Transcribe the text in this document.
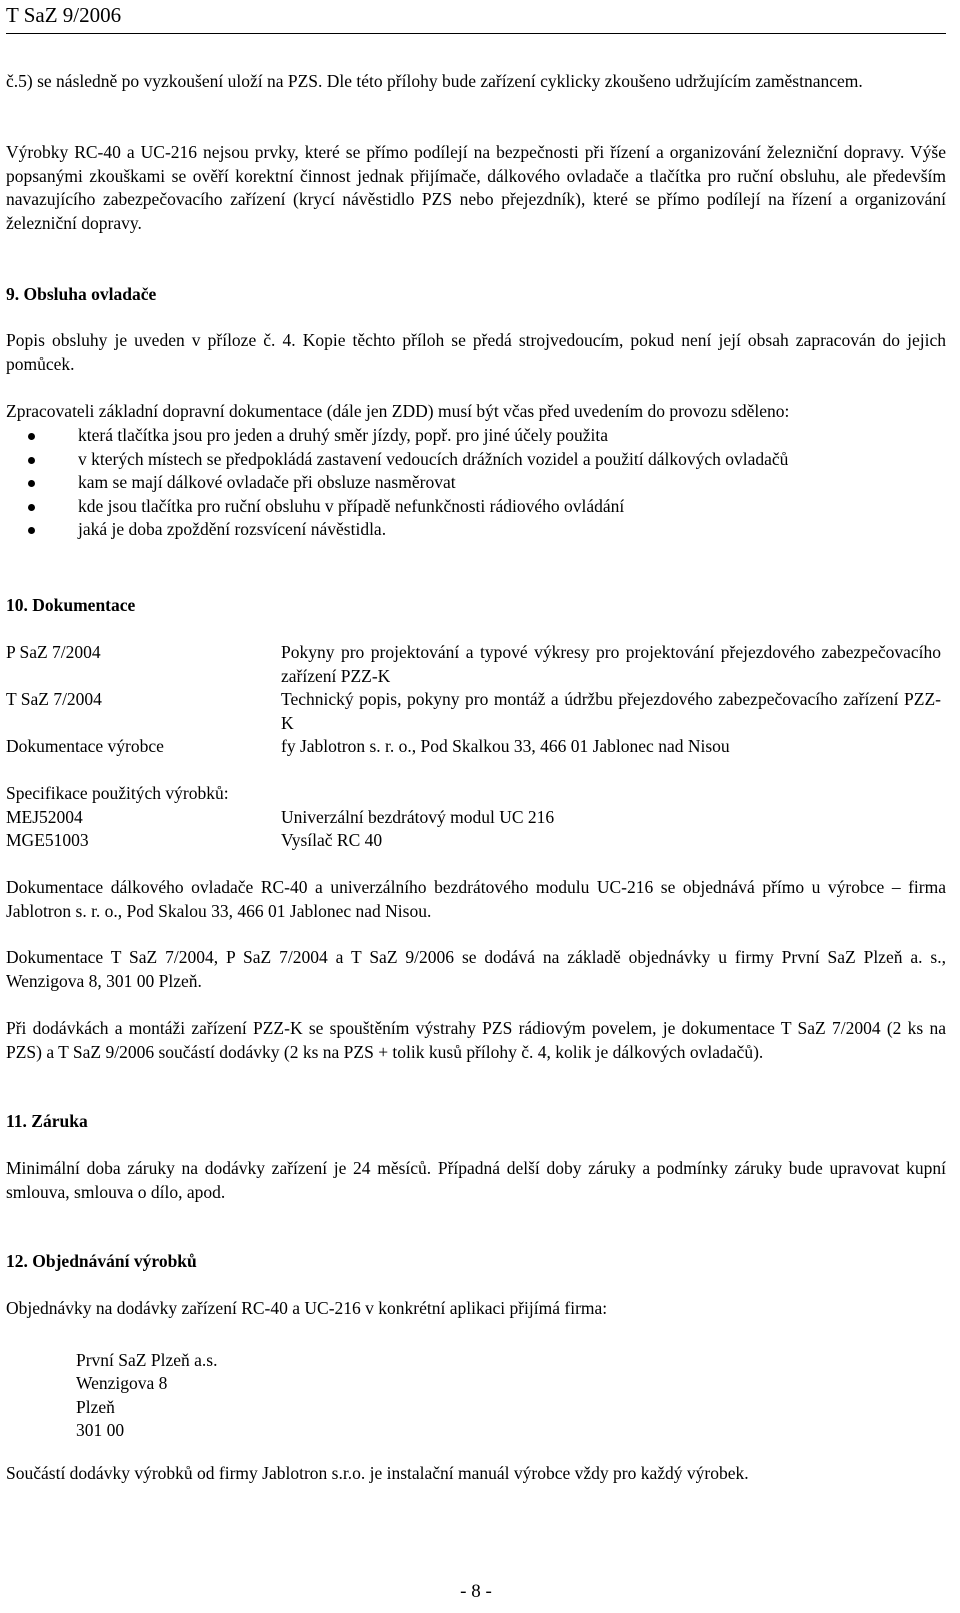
T SaZ 9/2006

č.5) se následně po vyzkoušení uloží na PZS. Dle této přílohy bude zařízení cyklicky zkoušeno udržujícím zaměstnancem.

Výrobky RC-40 a UC-216 nejsou prvky, které se přímo podílejí na bezpečnosti při řízení a organizování železniční dopravy. Výše popsanými zkouškami se ověří korektní činnost jednak přijímače, dálkového ovladače a tlačítka pro ruční obsluhu, ale především navazujícího zabezpečovacího zařízení (krycí návěstidlo PZS nebo přejezdník), které se přímo podílejí na řízení a organizování železniční dopravy.

9. Obsluha ovladače

Popis obsluhy je uveden v příloze č. 4. Kopie těchto příloh se předá strojvedoucím, pokud není její obsah zapracován do jejich pomůcek.

Zpracovateli základní dopravní dokumentace (dále jen ZDD) musí být včas před uvedením do provozu sděleno:

která tlačítka jsou pro jeden a druhý směr jízdy, popř. pro jiné účely použita
v kterých místech se předpokládá zastavení vedoucích drážních vozidel a použití dálkových ovladačů
kam se mají dálkové ovladače při obsluze nasměrovat
kde jsou tlačítka pro ruční obsluhu v případě nefunkčnosti rádiového ovládání
jaká je doba zpoždění rozsvícení návěstidla.
10. Dokumentace
P SaZ 7/2004	Pokyny pro projektování a typové výkresy pro projektování přejezdového zabezpečovacího zařízení PZZ-K
T SaZ 7/2004	Technický popis, pokyny pro montáž a údržbu přejezdového zabezpečovacího zařízení PZZ-K
Dokumentace výrobce	fy Jablotron s. r. o., Pod Skalkou 33, 466 01 Jablonec nad Nisou
Specifikace použitých výrobků:
MEJ52004	Univerzální bezdrátový modul UC 216
MGE51003	Vysílač RC 40

Dokumentace dálkového ovladače RC-40 a univerzálního bezdrátového modulu UC-216 se objednává přímo u výrobce – firma Jablotron s. r. o., Pod Skalou 33, 466 01 Jablonec nad Nisou.

Dokumentace T SaZ 7/2004, P SaZ 7/2004 a T SaZ 9/2006 se dodává na základě objednávky u firmy První SaZ Plzeň a. s., Wenzigova 8, 301 00 Plzeň.

Při dodávkách a montáži zařízení PZZ-K se spouštěním výstrahy PZS rádiovým povelem, je dokumentace T SaZ 7/2004 (2 ks na PZS) a T SaZ 9/2006 součástí dodávky (2 ks na PZS + tolik kusů přílohy č. 4, kolik je dálkových ovladačů).

11. Záruka

Minimální doba záruky na dodávky zařízení je 24 měsíců. Případná delší doby záruky a podmínky záruky bude upravovat kupní smlouva, smlouva o dílo, apod.

12. Objednávání výrobků

Objednávky na dodávky zařízení RC-40 a UC-216 v konkrétní aplikaci přijímá firma:

První SaZ Plzeň a.s.
Wenzigova 8
Plzeň
301 00

Součástí dodávky výrobků od firmy Jablotron s.r.o. je instalační manuál výrobce vždy pro každý výrobek.

- 8 -
